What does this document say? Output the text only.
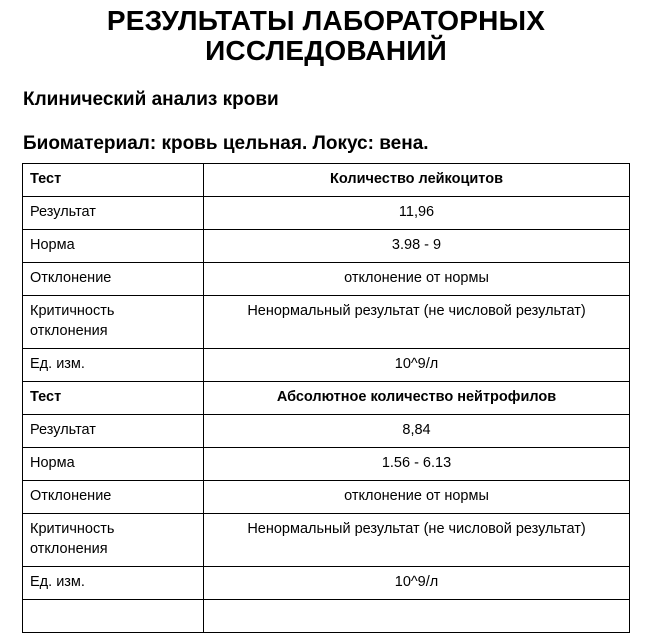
РЕЗУЛЬТАТЫ ЛАБОРАТОРНЫХ
ИССЛЕДОВАНИЙ
Клинический анализ крови
Биоматериал: кровь цельная. Локус: вена.
Тест	Количество лейкоцитов
Результат	11,96
Норма	3.98 - 9
Отклонение	отклонение от нормы
Критичность отклонения	Ненормальный результат (не числовой результат)
Ед. изм.	10^9/л
Тест	Абсолютное количество нейтрофилов
Результат	8,84
Норма	1.56 - 6.13
Отклонение	отклонение от нормы
Критичность отклонения	Ненормальный результат (не числовой результат)
Ед. изм.	10^9/л
